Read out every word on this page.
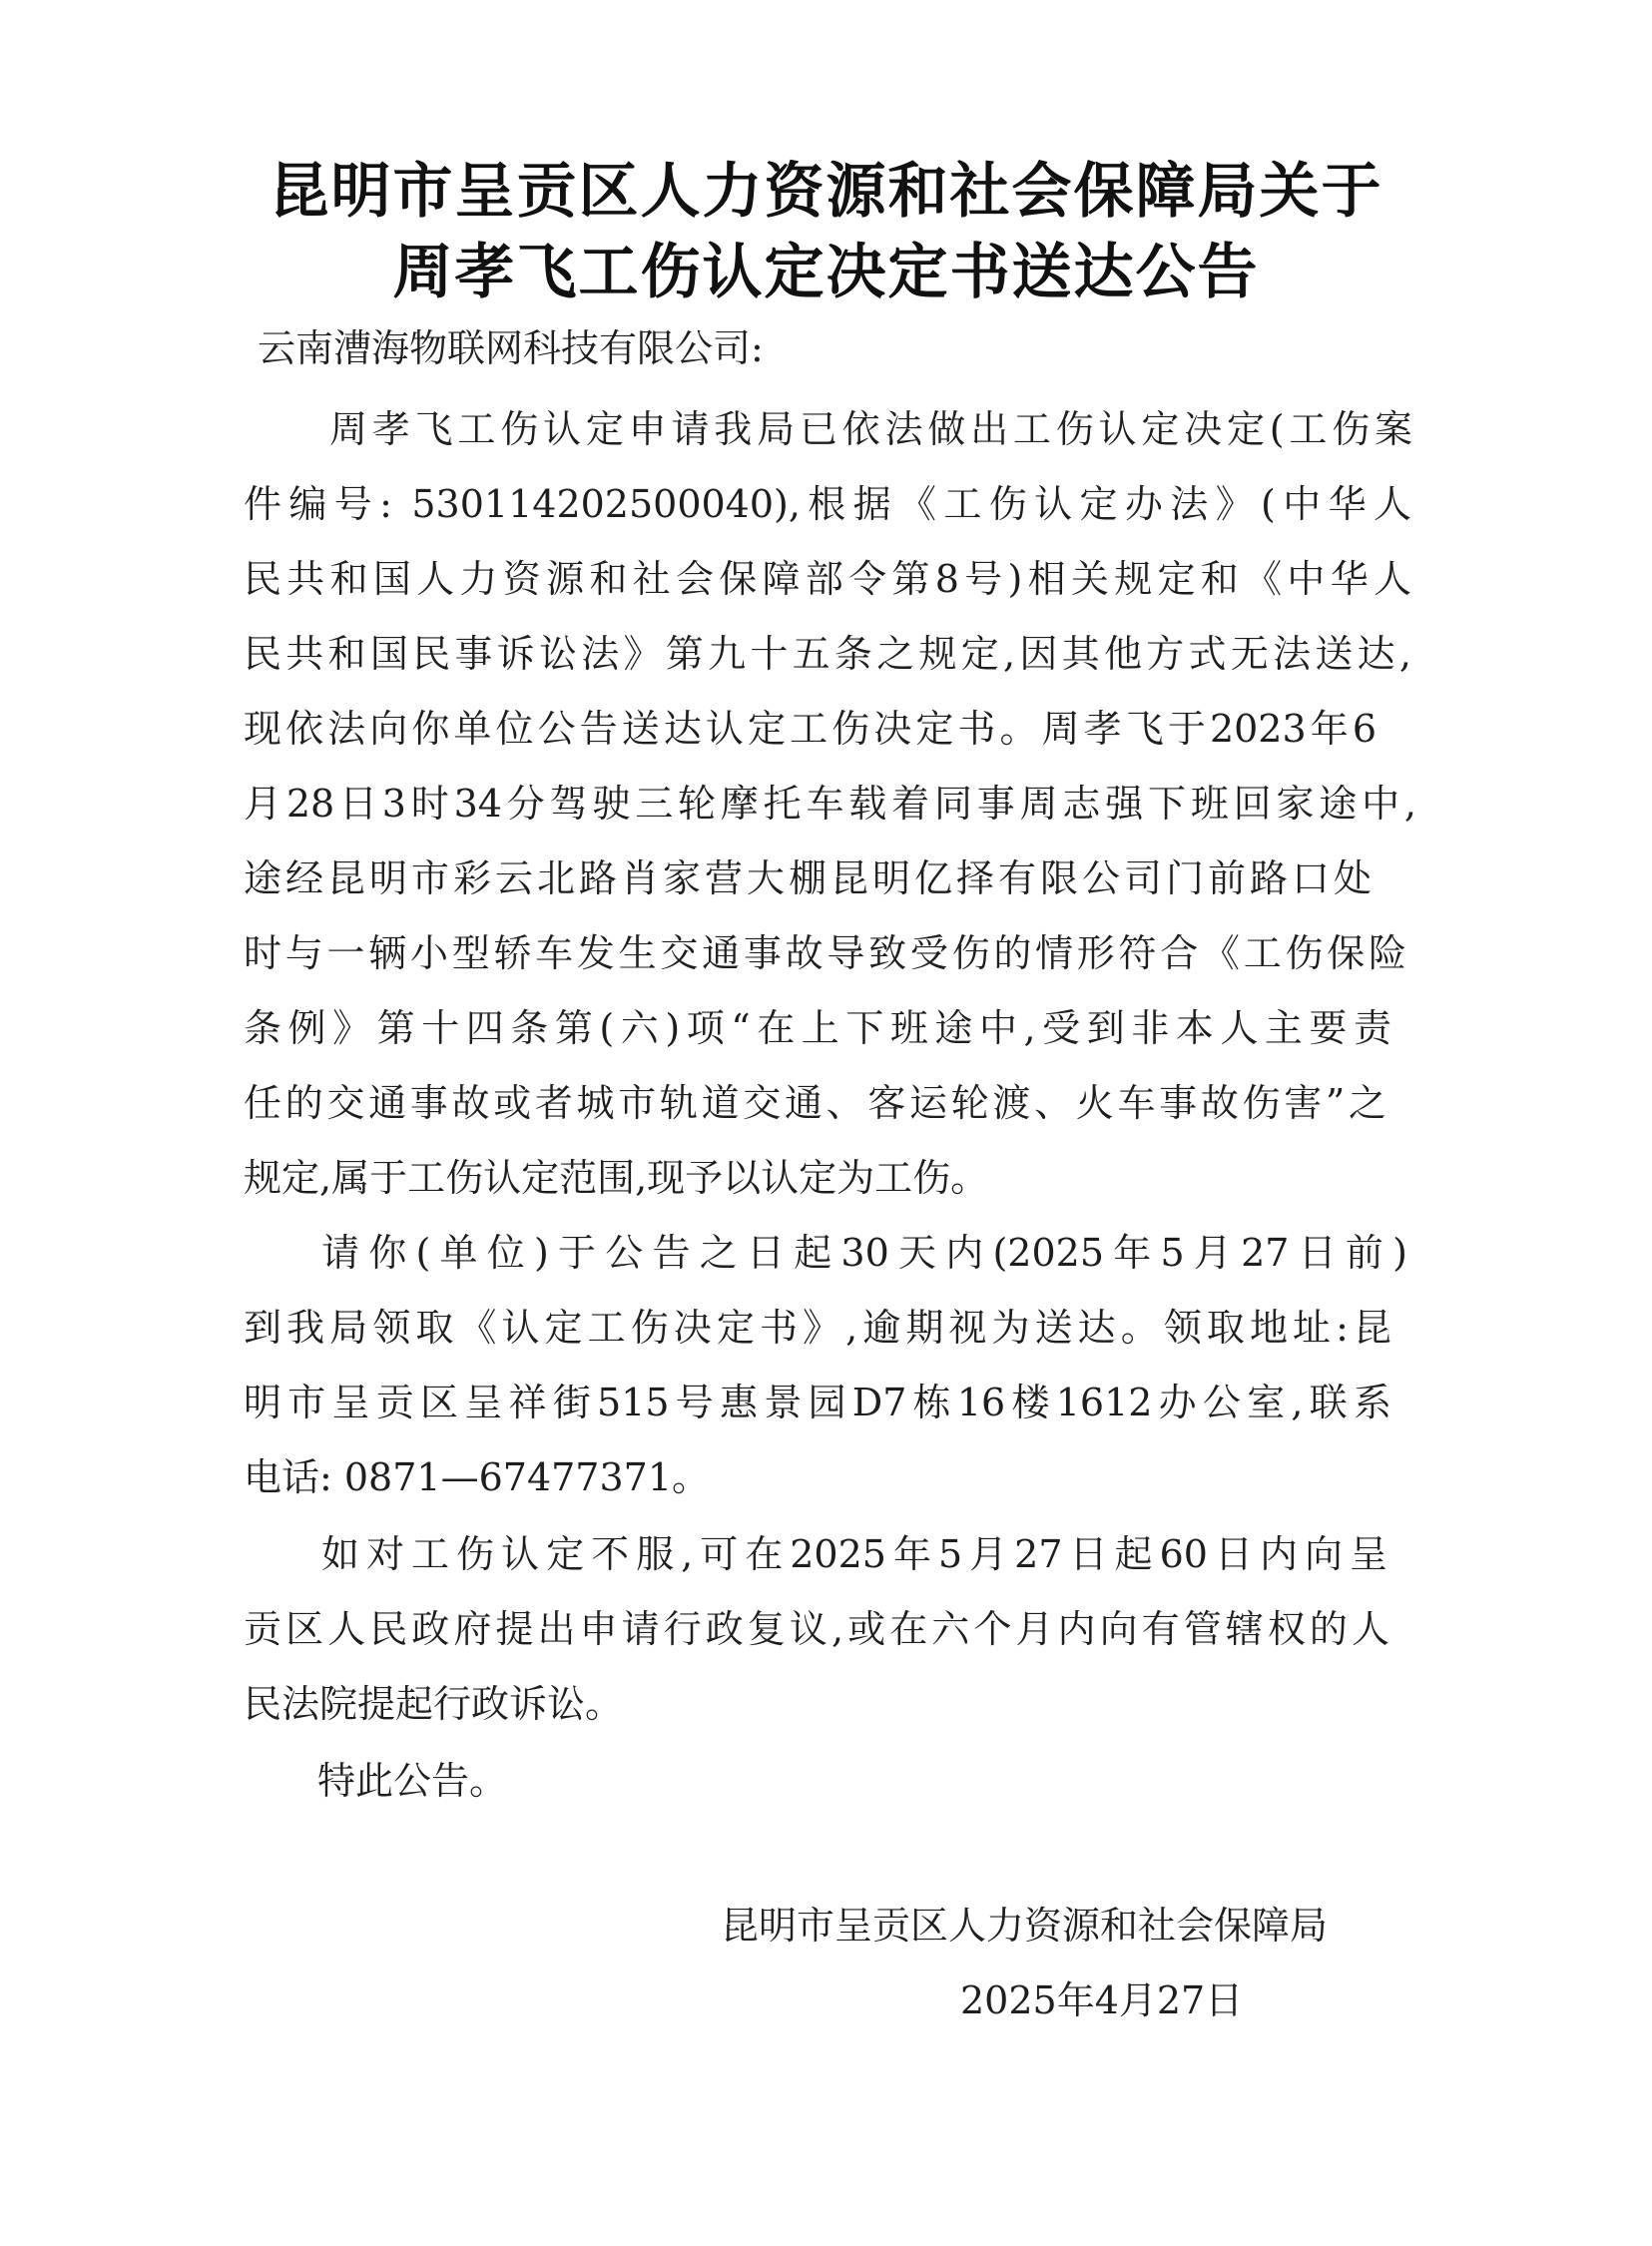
昆明市呈贡区人力资源和社会保障局关于
周孝飞工伤认定决定书送达公告
云南漕海物联网科技有限公司:
周孝飞工伤认定申请我局已依法做出工伤认定决定(工伤案
件编号: 530114202500040),根据《工伤认定办法》(中华人
民共和国人力资源和社会保障部令第8号)相关规定和《中华人
民共和国民事诉讼法》第九十五条之规定,因其他方式无法送达,
现依法向你单位公告送达认定工伤决定书。周孝飞于2023年6
月28日3时34分驾驶三轮摩托车载着同事周志强下班回家途中,
途经昆明市彩云北路肖家营大棚昆明亿择有限公司门前路口处
时与一辆小型轿车发生交通事故导致受伤的情形符合《工伤保险
条例》第十四条第(六)项“在上下班途中,受到非本人主要责
任的交通事故或者城市轨道交通、客运轮渡、火车事故伤害”之
规定,属于工伤认定范围,现予以认定为工伤。
请你(单位)于公告之日起30天内(2025年5月27日前)
到我局领取《认定工伤决定书》,逾期视为送达。领取地址:昆
明市呈贡区呈祥街515号惠景园D7栋16楼1612办公室,联系
电话: 0871—67477371。
如对工伤认定不服,可在2025年5月27日起60日内向呈
贡区人民政府提出申请行政复议,或在六个月内向有管辖权的人
民法院提起行政诉讼。
特此公告。
昆明市呈贡区人力资源和社会保障局
2025年4月27日
